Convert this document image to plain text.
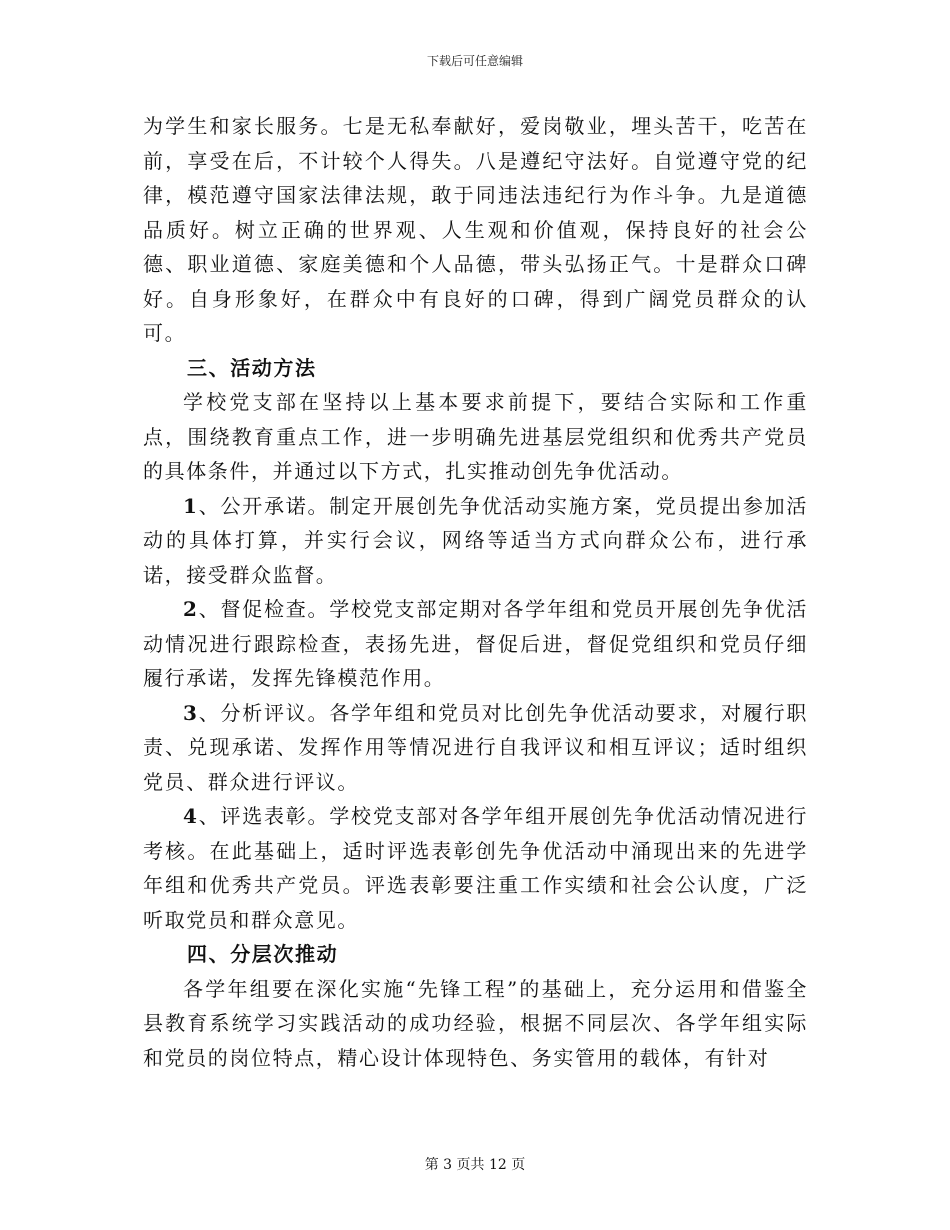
下载后可任意编辑

为学生和家长服务。七是无私奉献好，爱岗敬业，埋头苦干，吃苦在前，享受在后，不计较个人得失。八是遵纪守法好。自觉遵守党的纪律，模范遵守国家法律法规，敢于同违法违纪行为作斗争。九是道德品质好。树立正确的世界观、人生观和价值观，保持良好的社会公德、职业道德、家庭美德和个人品德，带头弘扬正气。十是群众口碑好。自身形象好，在群众中有良好的口碑，得到广阔党员群众的认可。

三、活动方法

学校党支部在坚持以上基本要求前提下，要结合实际和工作重点，围绕教育重点工作，进一步明确先进基层党组织和优秀共产党员的具体条件，并通过以下方式，扎实推动创先争优活动。

1、公开承诺。制定开展创先争优活动实施方案，党员提出参加活动的具体打算，并实行会议，网络等适当方式向群众公布，进行承诺，接受群众监督。

2、督促检查。学校党支部定期对各学年组和党员开展创先争优活动情况进行跟踪检查，表扬先进，督促后进，督促党组织和党员仔细履行承诺，发挥先锋模范作用。

3、分析评议。各学年组和党员对比创先争优活动要求，对履行职责、兑现承诺、发挥作用等情况进行自我评议和相互评议；适时组织党员、群众进行评议。

4、评选表彰。学校党支部对各学年组开展创先争优活动情况进行考核。在此基础上，适时评选表彰创先争优活动中涌现出来的先进学年组和优秀共产党员。评选表彰要注重工作实绩和社会公认度，广泛听取党员和群众意见。

四、分层次推动

各学年组要在深化实施“先锋工程”的基础上，充分运用和借鉴全县教育系统学习实践活动的成功经验，根据不同层次、各学年组实际和党员的岗位特点，精心设计体现特色、务实管用的载体，有针对

第 3 页共 12 页
